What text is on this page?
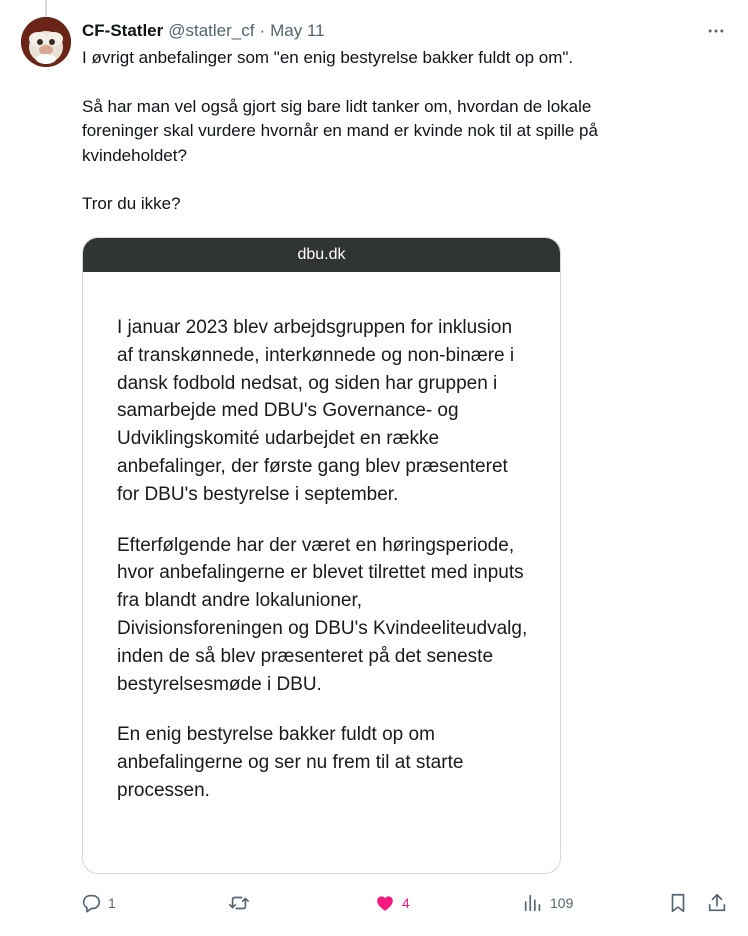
CF-Statler @statler_cf · May 11

I øvrigt anbefalinger som "en enig bestyrelse bakker fuldt op om".

Så har man vel også gjort sig bare lidt tanker om, hvordan de lokale
foreninger skal vurdere hvornår en mand er kvinde nok til at spille på
kvindeholdet?

Tror du ikke?

dbu.dk

I januar 2023 blev arbejdsgruppen for inklusion af transkønnede, interkønnede og non-binære i dansk fodbold nedsat, og siden har gruppen i samarbejde med DBU's Governance- og Udviklingskomité udarbejdet en række anbefalinger, der første gang blev præsenteret for DBU's bestyrelse i september.

Efterfølgende har der været en høringsperiode, hvor anbefalingerne er blevet tilrettet med inputs fra blandt andre lokalunioner, Divisionsforeningen og DBU's Kvindeeliteudvalg, inden de så blev præsenteret på det seneste bestyrelsesmøde i DBU.

En enig bestyrelse bakker fuldt op om anbefalingerne og ser nu frem til at starte processen.

1	4	109
